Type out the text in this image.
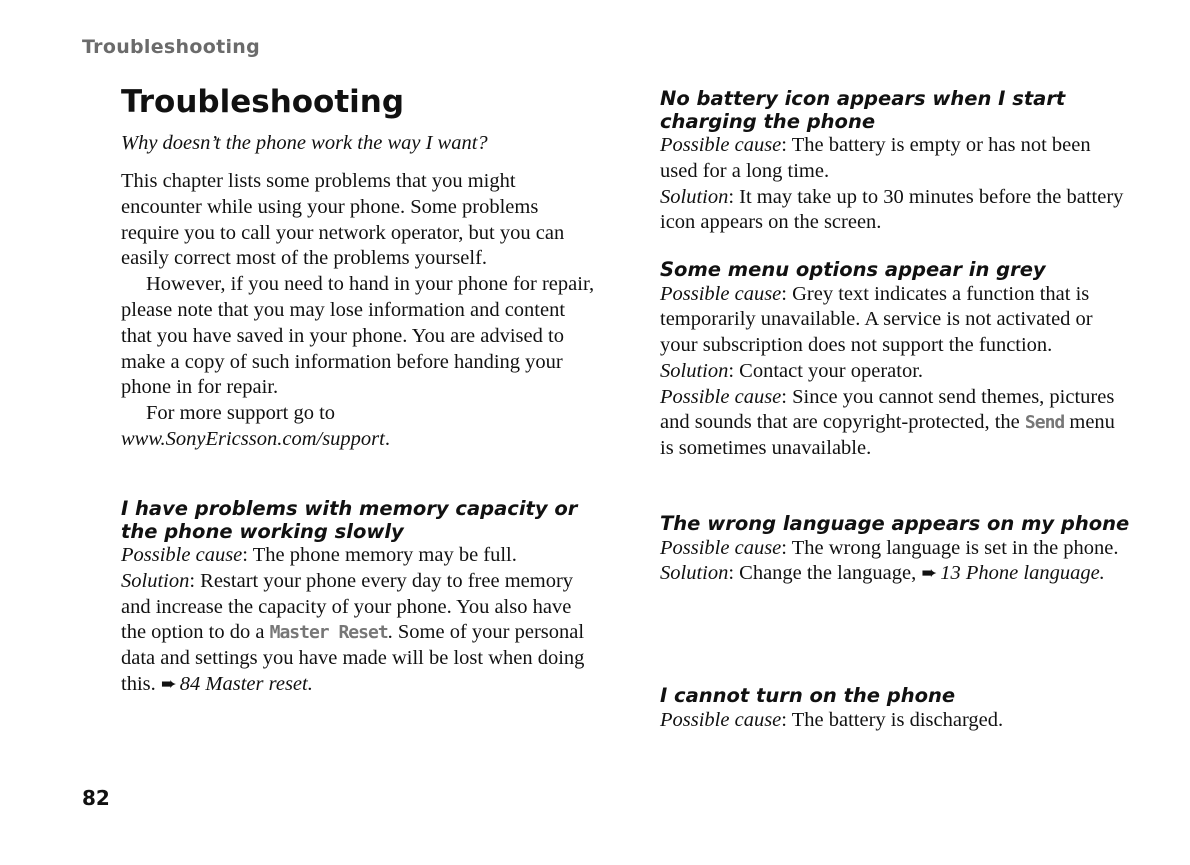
Troubleshooting
Troubleshooting
Why doesn’t the phone work the way I want?

This chapter lists some problems that you might encounter while using your phone. Some problems require you to call your network operator, but you can easily correct most of the problems yourself.

However, if you need to hand in your phone for repair, please note that you may lose information and content that you have saved in your phone. You are advised to make a copy of such information before handing your phone in for repair.

For more support go to
www.SonyEricsson.com/support.

I have problems with memory capacity or the phone working slowly

Possible cause: The phone memory may be full.

Solution: Restart your phone every day to free memory and increase the capacity of your phone. You also have the option to do a Master Reset. Some of your personal data and settings you have made will be lost when doing this. ➨ 84 Master reset.

No battery icon appears when I start charging the phone

Possible cause: The battery is empty or has not been used for a long time.

Solution: It may take up to 30 minutes before the battery icon appears on the screen.

Some menu options appear in grey

Possible cause: Grey text indicates a function that is temporarily unavailable. A service is not activated or your subscription does not support the function.

Solution: Contact your operator.

Possible cause: Since you cannot send themes, pictures and sounds that are copyright-protected, the Send menu is sometimes unavailable.

The wrong language appears on my phone

Possible cause: The wrong language is set in the phone.

Solution: Change the language, ➨ 13 Phone language.

I cannot turn on the phone

Possible cause: The battery is discharged.

82
